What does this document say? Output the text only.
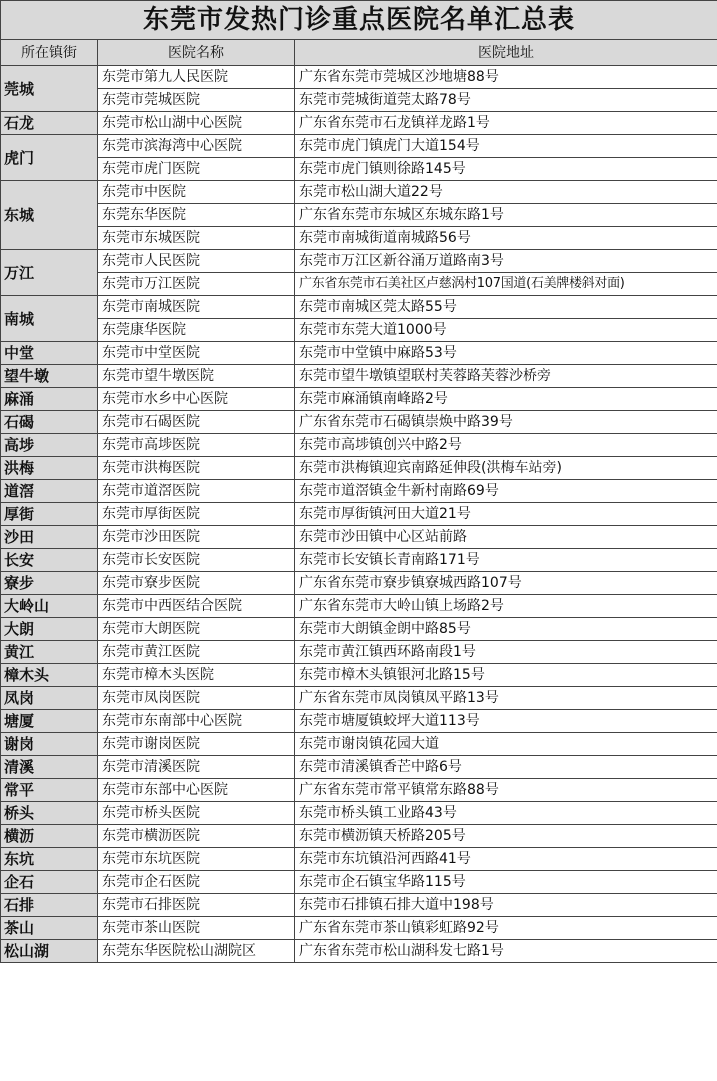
东莞市发热门诊重点医院名单汇总表		
所在镇街	医院名称	医院地址
莞城	东莞市第九人民医院	广东省东莞市莞城区沙地塘88号
	东莞市莞城医院	东莞市莞城街道莞太路78号
石龙	东莞市松山湖中心医院	广东省东莞市石龙镇祥龙路1号
虎门	东莞市滨海湾中心医院	东莞市虎门镇虎门大道154号
	东莞市虎门医院	东莞市虎门镇则徐路145号
东城	东莞市中医院	东莞市松山湖大道22号
	东莞东华医院	广东省东莞市东城区东城东路1号
	东莞市东城医院	东莞市南城街道南城路56号
万江	东莞市人民医院	东莞市万江区新谷涌万道路南3号
	东莞市万江医院	广东省东莞市石美社区卢慈涡村107国道(石美牌楼斜对面)
南城	东莞市南城医院	东莞市南城区莞太路55号
	东莞康华医院	东莞市东莞大道1000号
中堂	东莞市中堂医院	东莞市中堂镇中麻路53号
望牛墩	东莞市望牛墩医院	东莞市望牛墩镇望联村芙蓉路芙蓉沙桥旁
麻涌	东莞市水乡中心医院	东莞市麻涌镇南峰路2号
石碣	东莞市石碣医院	广东省东莞市石碣镇崇焕中路39号
高埗	东莞市高埗医院	东莞市高埗镇创兴中路2号
洪梅	东莞市洪梅医院	东莞市洪梅镇迎宾南路延伸段(洪梅车站旁)
道滘	东莞市道滘医院	东莞市道滘镇金牛新村南路69号
厚街	东莞市厚街医院	东莞市厚街镇河田大道21号
沙田	东莞市沙田医院	东莞市沙田镇中心区站前路
长安	东莞市长安医院	东莞市长安镇长青南路171号
寮步	东莞市寮步医院	广东省东莞市寮步镇寮城西路107号
大岭山	东莞市中西医结合医院	广东省东莞市大岭山镇上场路2号
大朗	东莞市大朗医院	东莞市大朗镇金朗中路85号
黄江	东莞市黄江医院	东莞市黄江镇西环路南段1号
樟木头	东莞市樟木头医院	东莞市樟木头镇银河北路15号
凤岗	东莞市凤岗医院	广东省东莞市凤岗镇凤平路13号
塘厦	东莞市东南部中心医院	东莞市塘厦镇蛟坪大道113号
谢岗	东莞市谢岗医院	东莞市谢岗镇花园大道
清溪	东莞市清溪医院	东莞市清溪镇香芒中路6号
常平	东莞市东部中心医院	广东省东莞市常平镇常东路88号
桥头	东莞市桥头医院	东莞市桥头镇工业路43号
横沥	东莞市横沥医院	东莞市横沥镇天桥路205号
东坑	东莞市东坑医院	东莞市东坑镇沿河西路41号
企石	东莞市企石医院	东莞市企石镇宝华路115号
石排	东莞市石排医院	东莞市石排镇石排大道中198号
茶山	东莞市茶山医院	广东省东莞市茶山镇彩虹路92号
松山湖	东莞东华医院松山湖院区	广东省东莞市松山湖科发七路1号
